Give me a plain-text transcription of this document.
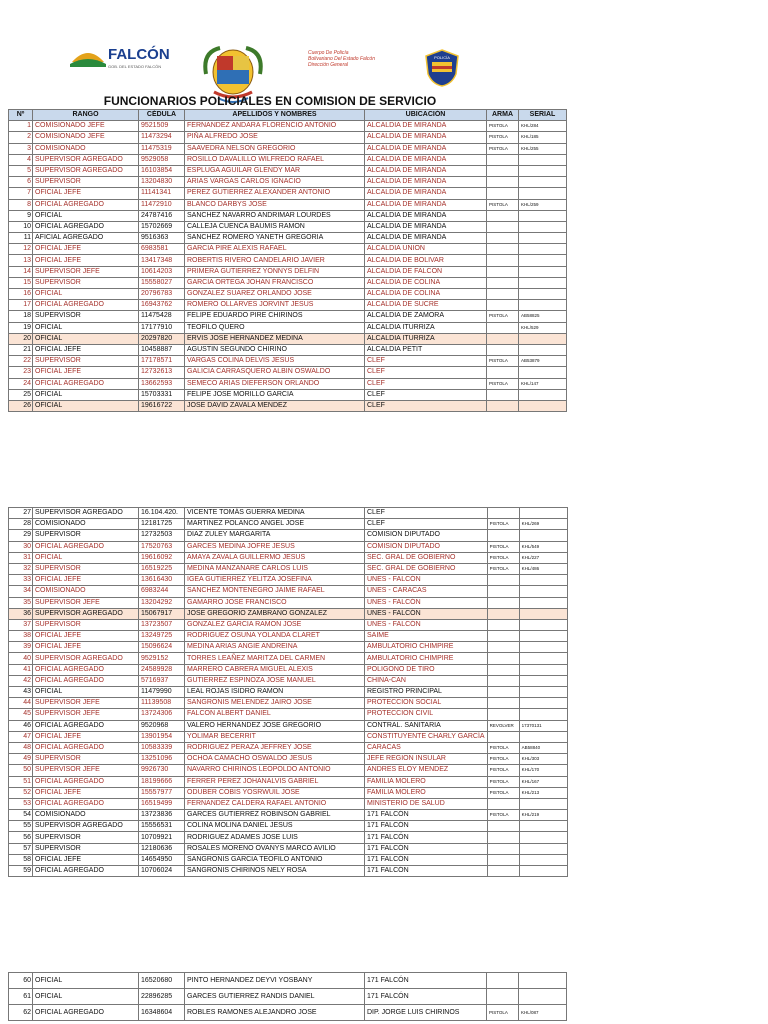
FALCÓN
GOB. DEL ESTADO FALCÓN
Cuerpo De Policía
Bolivariano Del Estado Falcón
Dirección General
POLICÍA
FUNCIONARIOS POLICIALES EN COMISION DE SERVICIO
Nº	RANGO	CÉDULA	APELLIDOS Y NOMBRES	UBICACIÓN	ARMA	SERIAL
1	COMISIONADO JEFE	9521509	FERNANDEZ ANDARA FLORENCIO ANTONIO	ALCALDIA DE MIRANDA	PISTOLA	KHL/284
2	COMISIONADO JEFE	11473294	PIÑA ALFREDO JOSE	ALCALDIA DE MIRANDA	PISTOLA	KHL/185
3	COMISIONADO	11475319	SAAVEDRA NELSON GREGORIO	ALCALDIA DE MIRANDA	PISTOLA	KHL/255
4	SUPERVISOR AGREGADO	9529058	ROSILLO DAVALILLO WILFREDO RAFAEL	ALCALDIA DE MIRANDA		
5	SUPERVISOR AGREGADO	16103854	ESPLUGA AGUILAR GLENDY MAR	ALCALDIA DE MIRANDA		
6	SUPERVISOR	13204830	ARIAS VARGAS CARLOS IGNACIO	ALCALDIA DE MIRANDA		
7	OFICIAL JEFE	11141341	PEREZ GUTIERREZ ALEXANDER ANTONIO	ALCALDIA DE MIRANDA		
8	OFICIAL AGREGADO	11472910	BLANCO DARBYS JOSE	ALCALDIA DE MIRANDA	PISTOLA	KHL/259
9	OFICIAL	24787416	SANCHEZ NAVARRO ANDRIMAR LOURDES	ALCALDIA DE MIRANDA		
10	OFICIAL AGREGADO	15702669	CALLEJA CUENCA BAUMIS RAMON	ALCALDIA DE MIRANDA		
11	AFICIAL AGREGADO	9516363	SANCHEZ ROMERO YANETH GREGORIA	ALCALDIA DE MIRANDA		
12	OFICIAL JEFE	6983581	GARCIA PIRE ALEXIS RAFAEL	ALCALDIA UNION		
13	OFICIAL JEFE	13417348	ROBERTIS RIVERO CANDELARIO JAVIER	ALCALDIA DE BOLIVAR		
14	SUPERVISOR JEFE	10614203	PRIMERA GUTIERREZ YONNYS DELFIN	ALCALDIA DE FALCON		
15	SUPERVISOR	15558027	GARCIA ORTEGA JOHAN FRANCISCO	ALCALDIA DE COLINA		
16	OFICIAL	20796783	GONZALEZ SUAREZ ORLANDO JOSE	ALCALDIA DE COLINA		
17	OFICIAL AGREGADO	16943762	ROMERO OLLARVES JORVINT JESUS	ALCALDIA DE SUCRE		
18	SUPERVISOR	11475428	FELIPE EDUARDO PIRE CHIRINOS	ALCALDIA DE ZAMORA	PISTOLA	AB58825
19	OFICIAL	17177910	TEOFILO QUERO	ALCALDIA ITURRIZA		KHL/529
20	OFICIAL	20297820	ERVIS JOSE HERNANDEZ MEDINA	ALCALDIA ITURRIZA		
21	OFICIAL JEFE	10458887	AGUSTIN SEGUNDO CHIRINO	ALCALDIA PETIT		
22	SUPERVISOR	17178571	VARGAS COLINA DELVIS JESUS	CLEF	PISTOLA	AB53879
23	OFICIAL JEFE	12732613	GALICIA CARRASQUERO ALBIN OSWALDO	CLEF		
24	OFICIAL AGREGADO	13662593	SEMECO ARIAS DIEFERSON ORLANDO	CLEF	PISTOLA	KHL/147
25	OFICIAL	15703331	FELIPE JOSE MORILLO GARCIA	CLEF		
26	OFICIAL	19616722	JOSE DAVID ZAVALA MENDEZ	CLEF		
27	SUPERVISOR AGREGADO	16.104.420.	VICENTE TOMÁS GUERRA MEDINA	CLEF		
28	COMISIONADO	12181725	MARTINEZ POLANCO ANGEL JOSE	CLEF	PISTOLA	KHL/269
29	SUPERVISOR	12732503	DIAZ ZULEY MARGARITA	COMISION DIPUTADO		
30	OFICIAL AGREGADO	17520763	GARCES MEDINA JOFRE JESUS	COMISION DIPUTADO	PISTOLA	KHL/549
31	OFICIAL	19616092	AMAYA ZAVALA GUILLERMO JESUS	SEC. GRAL DE GOBIERNO	PISTOLA	KHL/227
32	SUPERVISOR	16519225	MEDINA MANZANARE CARLOS LUIS	SEC. GRAL DE GOBIERNO	PISTOLA	KHL/486
33	OFICIAL JEFE	13616430	IGEA GUTIERREZ YELITZA JOSEFINA	UNES - FALCÓN		
34	COMISIONADO	6983244	SANCHEZ MONTENEGRO JAIME RAFAEL	UNES - CARACAS		
35	SUPERVISOR JEFE	13204292	GAMARRO JOSE FRANCISCO	UNES - FALCÓN		
36	SUPERVISOR AGREGADO	15067917	JOSE GREGORIO ZAMBRANO GONZALEZ	UNES - FALCÓN		
37	SUPERVISOR	13723507	GONZALEZ GARCIA RAMON JOSE	UNES - FALCÓN		
38	OFICIAL JEFE	13249725	RODRIGUEZ OSUNA YOLANDA CLARET	SAIME		
39	OFICIAL JEFE	15096624	MEDINA ARIAS ANGIE ANDREINA	AMBULATORIO CHIMPIRE		
40	SUPERVISOR AGREGADO	9529152	TORRES LEAÑEZ MARITZA DEL CARMEN	AMBULATORIO CHIMPIRE		
41	OFICIAL AGREGADO	24589928	MARRERO CABRERA MIGUEL ALEXIS	POLIGONO DE TIRO		
42	OFICIAL AGREGADO	5716937	GUTIERREZ ESPINOZA JOSE MANUEL	CHINA-CAN		
43	OFICIAL	11479990	LEAL ROJAS ISIDRO RAMON	REGISTRO PRINCIPAL		
44	SUPERVISOR JEFE	11139508	SANGRONIS MELENDEZ JAIRO JOSE	PROTECCION SOCIAL		
45	SUPERVISOR JEFE	13724306	FALCON ALBERT DANIEL	PROTECCION CIVIL		
46	OFICIAL AGREGADO	9520968	VALERO HERNANDEZ JOSE GREGORIO	CONTRAL. SANITARIA	REVOLVER	17370131
47	OFICIAL JEFE	13901954	YOLIMAR BECERRIT	CONSTITUYENTE CHARLY GARCÍA		
48	OFICIAL AGREGADO	10583339	RODRIGUEZ PERAZA JEFFREY JOSE	CARACAS	PISTOLA	AB58840
49	SUPERVISOR	13251096	OCHOA CAMACHO OSWALDO JESUS	JEFE REGION INSULAR	PISTOLA	KHL/303
50	SUPERVISOR JEFE	9926730	NAVARRO CHIRINOS LEOPOLDO ANTONIO	ANDRES ELOY MENDEZ	PISTOLA	KHL/170
51	OFICIAL AGREGADO	18199666	FERRER PEREZ JOHANALVIS GABRIEL	FAMILIA MOLERO	PISTOLA	KHL/167
52	OFICIAL JEFE	15557977	ODUBER COBIS YOSRWUIL JOSE	FAMILIA MOLERO	PISTOLA	KHL/213
53	OFICIAL AGREGADO	16519499	FERNANDEZ CALDERA RAFAEL ANTONIO	MINISTERIO DE SALUD		
54	COMISIONADO	13723836	GARCES GUTIERREZ ROBINSON GABRIEL	171 FALCÓN	PISTOLA	KHL/219
55	SUPERVISOR AGREGADO	15556531	COLINA MOLINA DANIEL JESUS	171 FALCÓN		
56	SUPERVISOR	10709921	RODRIGUEZ ADAMES JOSE LUIS	171 FALCÓN		
57	SUPERVISOR	12180636	ROSALES MORENO OVANYS MARCO AVILIO	171 FALCÓN		
58	OFICIAL JEFE	14654950	SANGRONIS GARCIA TEOFILO ANTONIO	171 FALCÓN		
59	OFICIAL AGREGADO	10706024	SANGRONIS CHIRINOS NELY ROSA	171 FALCÓN		
60	OFICIAL	16520680	PINTO HERNANDEZ DEYVI YOSBANY	171 FALCÓN		
61	OFICIAL	22896285	GARCES GUTIERREZ RANDIS DANIEL	171 FALCÓN		
62	OFICIAL AGREGADO	16348604	ROBLES RAMONES ALEJANDRO JOSE	DIP. JORGE LUIS CHIRINOS	PISTOLA	KHL/087
